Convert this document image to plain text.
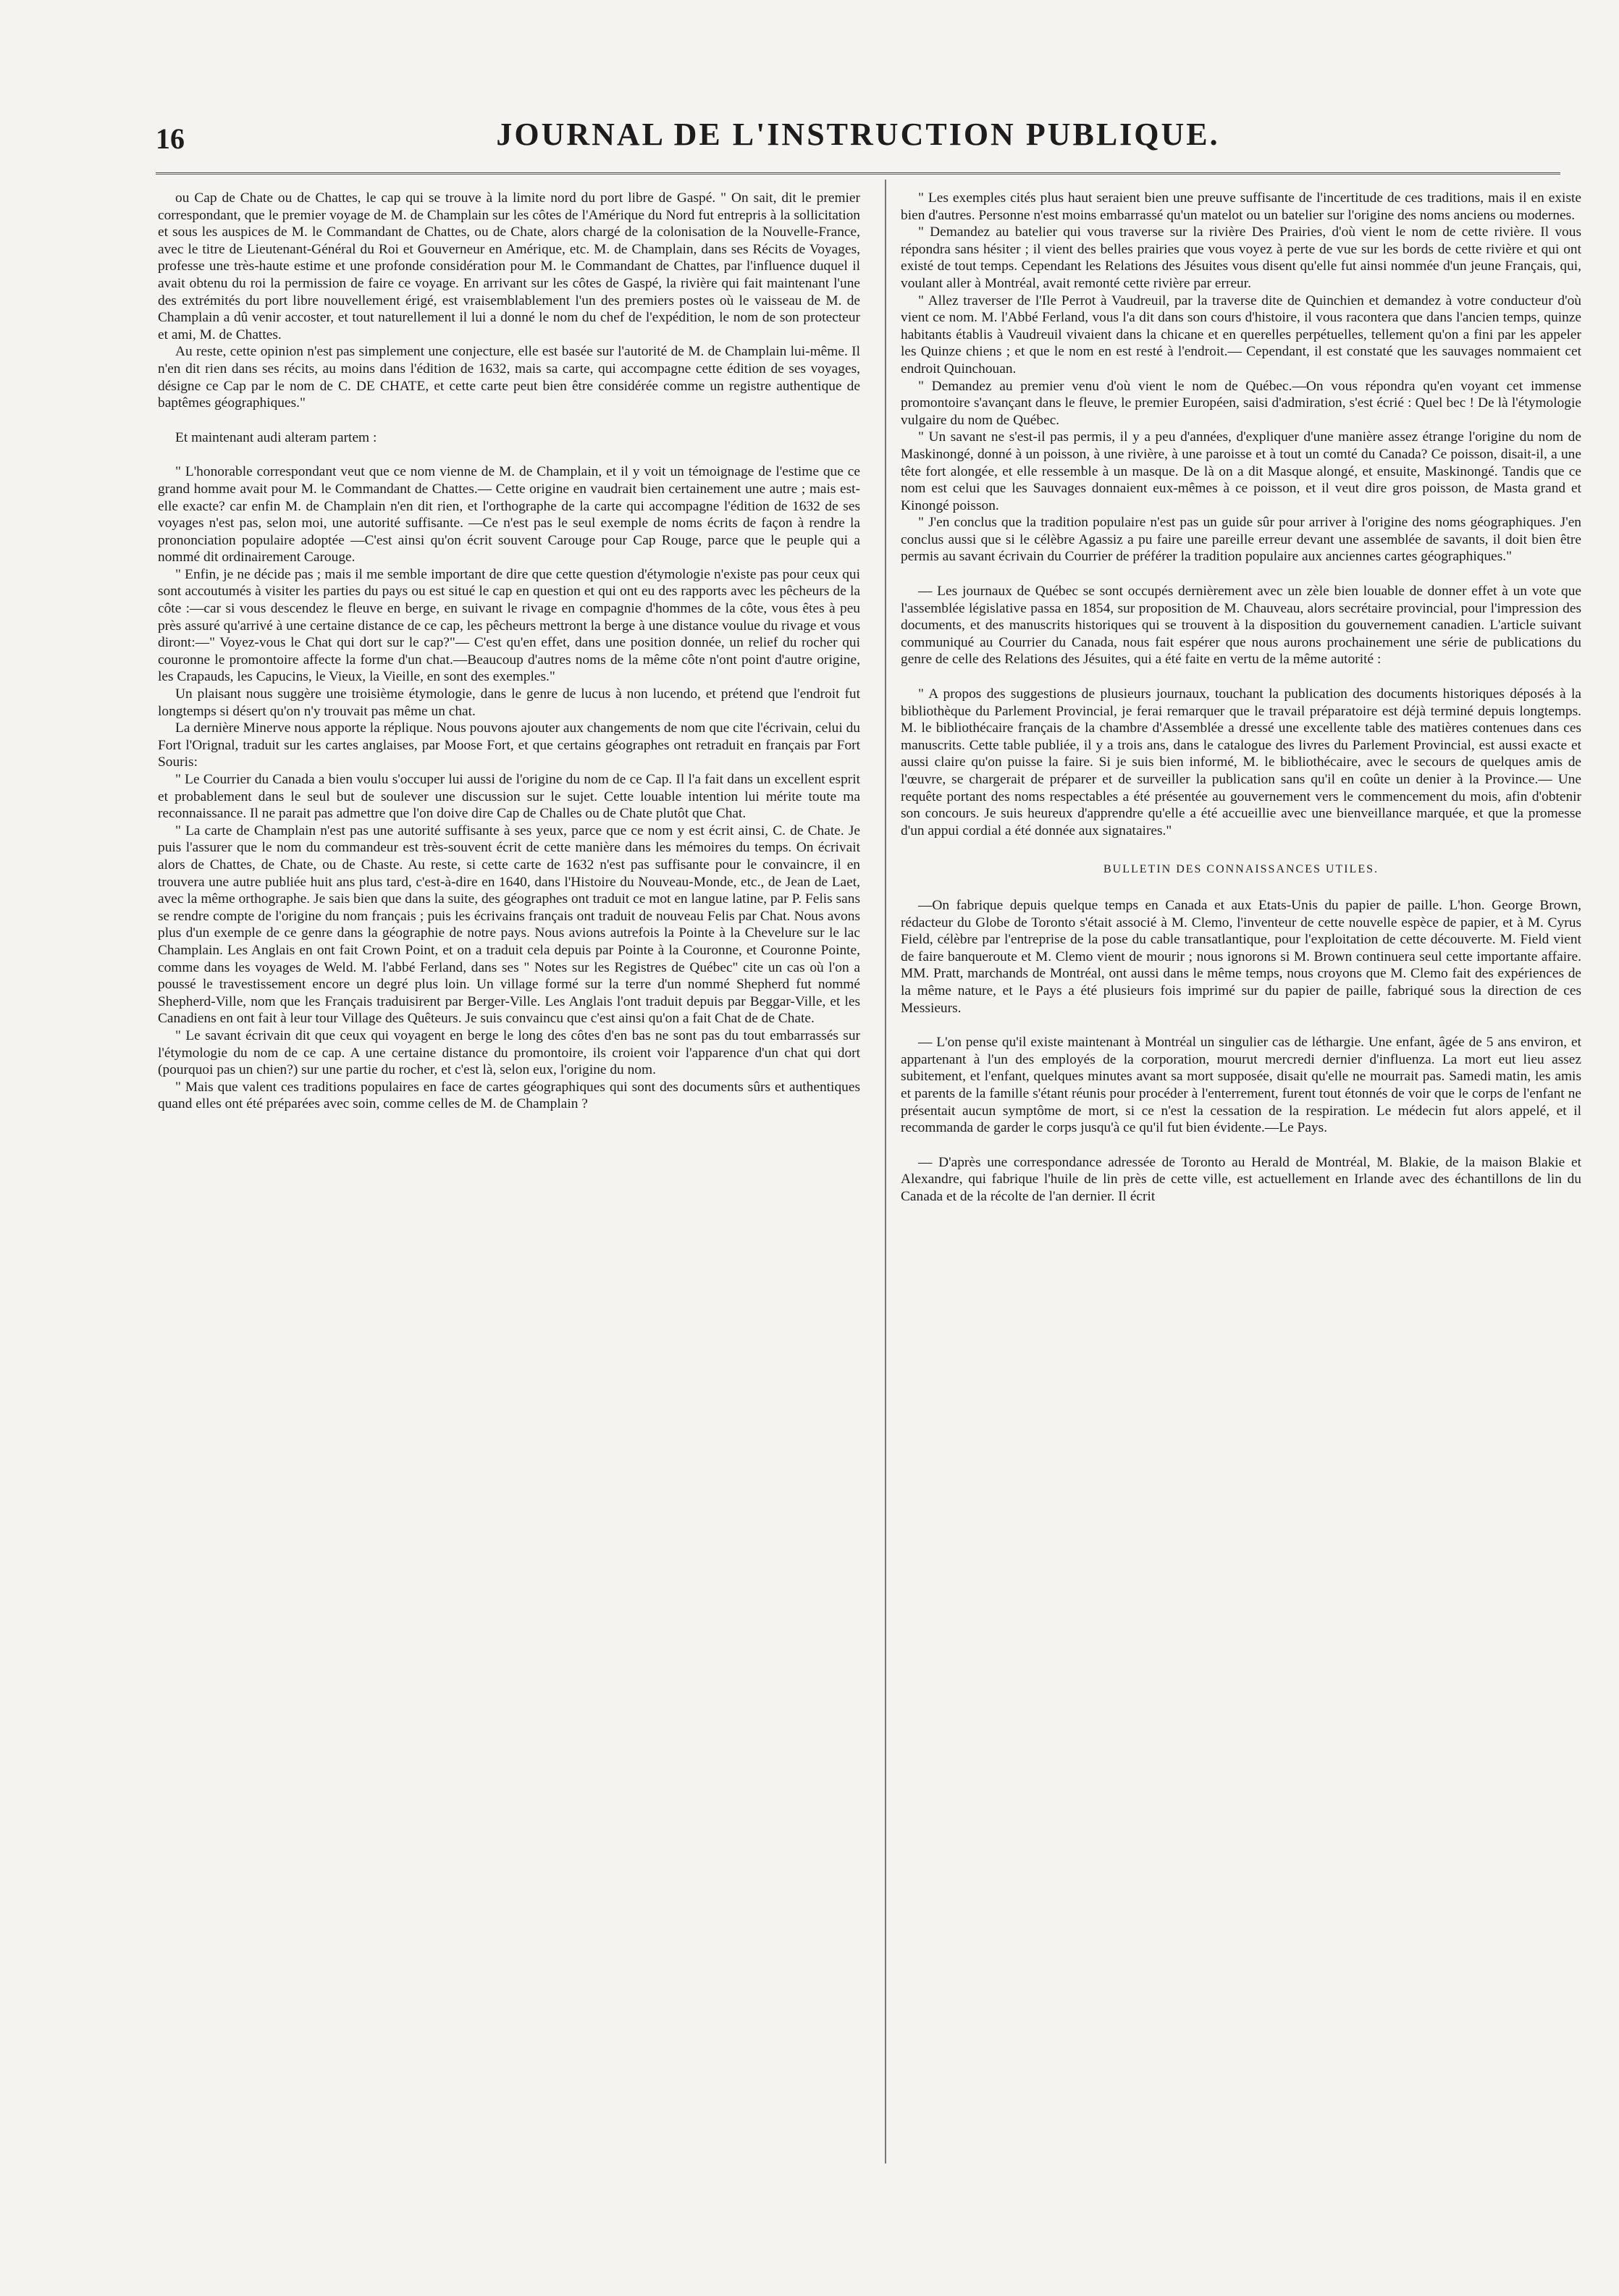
16	JOURNAL DE L'INSTRUCTION PUBLIQUE.

ou Cap de Chate ou de Chattes, le cap qui se trouve à la limite nord du port libre de Gaspé. " On sait, dit le premier correspondant, que le premier voyage de M. de Champlain sur les côtes de l'Amérique du Nord fut entrepris à la sollicitation et sous les auspices de M. le Commandant de Chattes, ou de Chate, alors chargé de la colonisation de la Nouvelle-France, avec le titre de Lieutenant-Général du Roi et Gouverneur en Amérique, etc. M. de Champlain, dans ses Récits de Voyages, professe une très-haute estime et une profonde considération pour M. le Commandant de Chattes, par l'influence duquel il avait obtenu du roi la permission de faire ce voyage. En arrivant sur les côtes de Gaspé, la rivière qui fait maintenant l'une des extrémités du port libre nouvellement érigé, est vraisemblablement l'un des premiers postes où le vaisseau de M. de Champlain a dû venir accoster, et tout naturellement il lui a donné le nom du chef de l'expédition, le nom de son protecteur et ami, M. de Chattes.

Au reste, cette opinion n'est pas simplement une conjecture, elle est basée sur l'autorité de M. de Champlain lui-même. Il n'en dit rien dans ses récits, au moins dans l'édition de 1632, mais sa carte, qui accompagne cette édition de ses voyages, désigne ce Cap par le nom de C. DE CHATE, et cette carte peut bien être considérée comme un registre authentique de baptêmes géographiques."

Et maintenant audi alteram partem :

" L'honorable correspondant veut que ce nom vienne de M. de Champlain, et il y voit un témoignage de l'estime que ce grand homme avait pour M. le Commandant de Chattes.— Cette origine en vaudrait bien certainement une autre ; mais est-elle exacte? car enfin M. de Champlain n'en dit rien, et l'orthographe de la carte qui accompagne l'édition de 1632 de ses voyages n'est pas, selon moi, une autorité suffisante. —Ce n'est pas le seul exemple de noms écrits de façon à rendre la prononciation populaire adoptée —C'est ainsi qu'on écrit souvent Carouge pour Cap Rouge, parce que le peuple qui a nommé dit ordinairement Carouge.

" Enfin, je ne décide pas ; mais il me semble important de dire que cette question d'étymologie n'existe pas pour ceux qui sont accoutumés à visiter les parties du pays ou est situé le cap en question et qui ont eu des rapports avec les pêcheurs de la côte :—car si vous descendez le fleuve en berge, en suivant le rivage en compagnie d'hommes de la côte, vous êtes à peu près assuré qu'arrivé à une certaine distance de ce cap, les pêcheurs mettront la berge à une distance voulue du rivage et vous diront:—" Voyez-vous le Chat qui dort sur le cap?"— C'est qu'en effet, dans une position donnée, un relief du rocher qui couronne le promontoire affecte la forme d'un chat.—Beaucoup d'autres noms de la même côte n'ont point d'autre origine, les Crapauds, les Capucins, le Vieux, la Vieille, en sont des exemples."

Un plaisant nous suggère une troisième étymologie, dans le genre de lucus à non lucendo, et prétend que l'endroit fut longtemps si désert qu'on n'y trouvait pas même un chat.

La dernière Minerve nous apporte la réplique. Nous pouvons ajouter aux changements de nom que cite l'écrivain, celui du Fort l'Orignal, traduit sur les cartes anglaises, par Moose Fort, et que certains géographes ont retraduit en français par Fort Souris:

" Le Courrier du Canada a bien voulu s'occuper lui aussi de l'origine du nom de ce Cap. Il l'a fait dans un excellent esprit et probablement dans le seul but de soulever une discussion sur le sujet. Cette louable intention lui mérite toute ma reconnaissance. Il ne parait pas admettre que l'on doive dire Cap de Challes ou de Chate plutôt que Chat.

" La carte de Champlain n'est pas une autorité suffisante à ses yeux, parce que ce nom y est écrit ainsi, C. de Chate. Je puis l'assurer que le nom du commandeur est très-souvent écrit de cette manière dans les mémoires du temps. On écrivait alors de Chattes, de Chate, ou de Chaste. Au reste, si cette carte de 1632 n'est pas suffisante pour le convaincre, il en trouvera une autre publiée huit ans plus tard, c'est-à-dire en 1640, dans l'Histoire du Nouveau-Monde, etc., de Jean de Laet, avec la même orthographe. Je sais bien que dans la suite, des géographes ont traduit ce mot en langue latine, par P. Felis sans se rendre compte de l'origine du nom français ; puis les écrivains français ont traduit de nouveau Felis par Chat. Nous avons plus d'un exemple de ce genre dans la géographie de notre pays. Nous avions autrefois la Pointe à la Chevelure sur le lac Champlain. Les Anglais en ont fait Crown Point, et on a traduit cela depuis par Pointe à la Couronne, et Couronne Pointe, comme dans les voyages de Weld. M. l'abbé Ferland, dans ses " Notes sur les Registres de Québec" cite un cas où l'on a poussé le travestissement encore un degré plus loin. Un village formé sur la terre d'un nommé Shepherd fut nommé Shepherd-Ville, nom que les Français traduisirent par Berger-Ville. Les Anglais l'ont traduit depuis par Beggar-Ville, et les Canadiens en ont fait à leur tour Village des Quêteurs. Je suis convaincu que c'est ainsi qu'on a fait Chat de de Chate.

" Le savant écrivain dit que ceux qui voyagent en berge le long des côtes d'en bas ne sont pas du tout embarrassés sur l'étymologie du nom de ce cap. A une certaine distance du promontoire, ils croient voir l'apparence d'un chat qui dort (pourquoi pas un chien?) sur une partie du rocher, et c'est là, selon eux, l'origine du nom.

" Mais que valent ces traditions populaires en face de cartes géographiques qui sont des documents sûrs et authentiques quand elles ont été préparées avec soin, comme celles de M. de Champlain ?

" Les exemples cités plus haut seraient bien une preuve suffisante de l'incertitude de ces traditions, mais il en existe bien d'autres. Personne n'est moins embarrassé qu'un matelot ou un batelier sur l'origine des noms anciens ou modernes.

" Demandez au batelier qui vous traverse sur la rivière Des Prairies, d'où vient le nom de cette rivière. Il vous répondra sans hésiter ; il vient des belles prairies que vous voyez à perte de vue sur les bords de cette rivière et qui ont existé de tout temps. Cependant les Relations des Jésuites vous disent qu'elle fut ainsi nommée d'un jeune Français, qui, voulant aller à Montréal, avait remonté cette rivière par erreur.

" Allez traverser de l'Ile Perrot à Vaudreuil, par la traverse dite de Quinchien et demandez à votre conducteur d'où vient ce nom. M. l'Abbé Ferland, vous l'a dit dans son cours d'histoire, il vous racontera que dans l'ancien temps, quinze habitants établis à Vaudreuil vivaient dans la chicane et en querelles perpétuelles, tellement qu'on a fini par les appeler les Quinze chiens ; et que le nom en est resté à l'endroit.— Cependant, il est constaté que les sauvages nommaient cet endroit Quinchouan.

" Demandez au premier venu d'où vient le nom de Québec.—On vous répondra qu'en voyant cet immense promontoire s'avançant dans le fleuve, le premier Européen, saisi d'admiration, s'est écrié : Quel bec ! De là l'étymologie vulgaire du nom de Québec.

" Un savant ne s'est-il pas permis, il y a peu d'années, d'expliquer d'une manière assez étrange l'origine du nom de Maskinongé, donné à un poisson, à une rivière, à une paroisse et à tout un comté du Canada? Ce poisson, disait-il, a une tête fort alongée, et elle ressemble à un masque. De là on a dit Masque alongé, et ensuite, Maskinongé. Tandis que ce nom est celui que les Sauvages donnaient eux-mêmes à ce poisson, et il veut dire gros poisson, de Masta grand et Kinongé poisson.

" J'en conclus que la tradition populaire n'est pas un guide sûr pour arriver à l'origine des noms géographiques. J'en conclus aussi que si le célèbre Agassiz a pu faire une pareille erreur devant une assemblée de savants, il doit bien être permis au savant écrivain du Courrier de préférer la tradition populaire aux anciennes cartes géographiques."

— Les journaux de Québec se sont occupés dernièrement avec un zèle bien louable de donner effet à un vote que l'assemblée législative passa en 1854, sur proposition de M. Chauveau, alors secrétaire provincial, pour l'impression des documents, et des manuscrits historiques qui se trouvent à la disposition du gouvernement canadien. L'article suivant communiqué au Courrier du Canada, nous fait espérer que nous aurons prochainement une série de publications du genre de celle des Relations des Jésuites, qui a été faite en vertu de la même autorité :

" A propos des suggestions de plusieurs journaux, touchant la publication des documents historiques déposés à la bibliothèque du Parlement Provincial, je ferai remarquer que le travail préparatoire est déjà terminé depuis longtemps. M. le bibliothécaire français de la chambre d'Assemblée a dressé une excellente table des matières contenues dans ces manuscrits. Cette table publiée, il y a trois ans, dans le catalogue des livres du Parlement Provincial, est aussi exacte et aussi claire qu'on puisse la faire. Si je suis bien informé, M. le bibliothécaire, avec le secours de quelques amis de l'œuvre, se chargerait de préparer et de surveiller la publication sans qu'il en coûte un denier à la Province.— Une requête portant des noms respectables a été présentée au gouvernement vers le commencement du mois, afin d'obtenir son concours. Je suis heureux d'apprendre qu'elle a été accueillie avec une bienveillance marquée, et que la promesse d'un appui cordial a été donnée aux signataires."

BULLETIN DES CONNAISSANCES UTILES.

—On fabrique depuis quelque temps en Canada et aux Etats-Unis du papier de paille. L'hon. George Brown, rédacteur du Globe de Toronto s'était associé à M. Clemo, l'inventeur de cette nouvelle espèce de papier, et à M. Cyrus Field, célèbre par l'entreprise de la pose du cable transatlantique, pour l'exploitation de cette découverte. M. Field vient de faire banqueroute et M. Clemo vient de mourir ; nous ignorons si M. Brown continuera seul cette importante affaire. MM. Pratt, marchands de Montréal, ont aussi dans le même temps, nous croyons que M. Clemo fait des expériences de la même nature, et le Pays a été plusieurs fois imprimé sur du papier de paille, fabriqué sous la direction de ces Messieurs.

— L'on pense qu'il existe maintenant à Montréal un singulier cas de léthargie. Une enfant, âgée de 5 ans environ, et appartenant à l'un des employés de la corporation, mourut mercredi dernier d'influenza. La mort eut lieu assez subitement, et l'enfant, quelques minutes avant sa mort supposée, disait qu'elle ne mourrait pas. Samedi matin, les amis et parents de la famille s'étant réunis pour procéder à l'enterrement, furent tout étonnés de voir que le corps de l'enfant ne présentait aucun symptôme de mort, si ce n'est la cessation de la respiration. Le médecin fut alors appelé, et il recommanda de garder le corps jusqu'à ce qu'il fut bien évidente.—Le Pays.

— D'après une correspondance adressée de Toronto au Herald de Montréal, M. Blakie, de la maison Blakie et Alexandre, qui fabrique l'huile de lin près de cette ville, est actuellement en Irlande avec des échantillons de lin du Canada et de la récolte de l'an dernier. Il écrit
